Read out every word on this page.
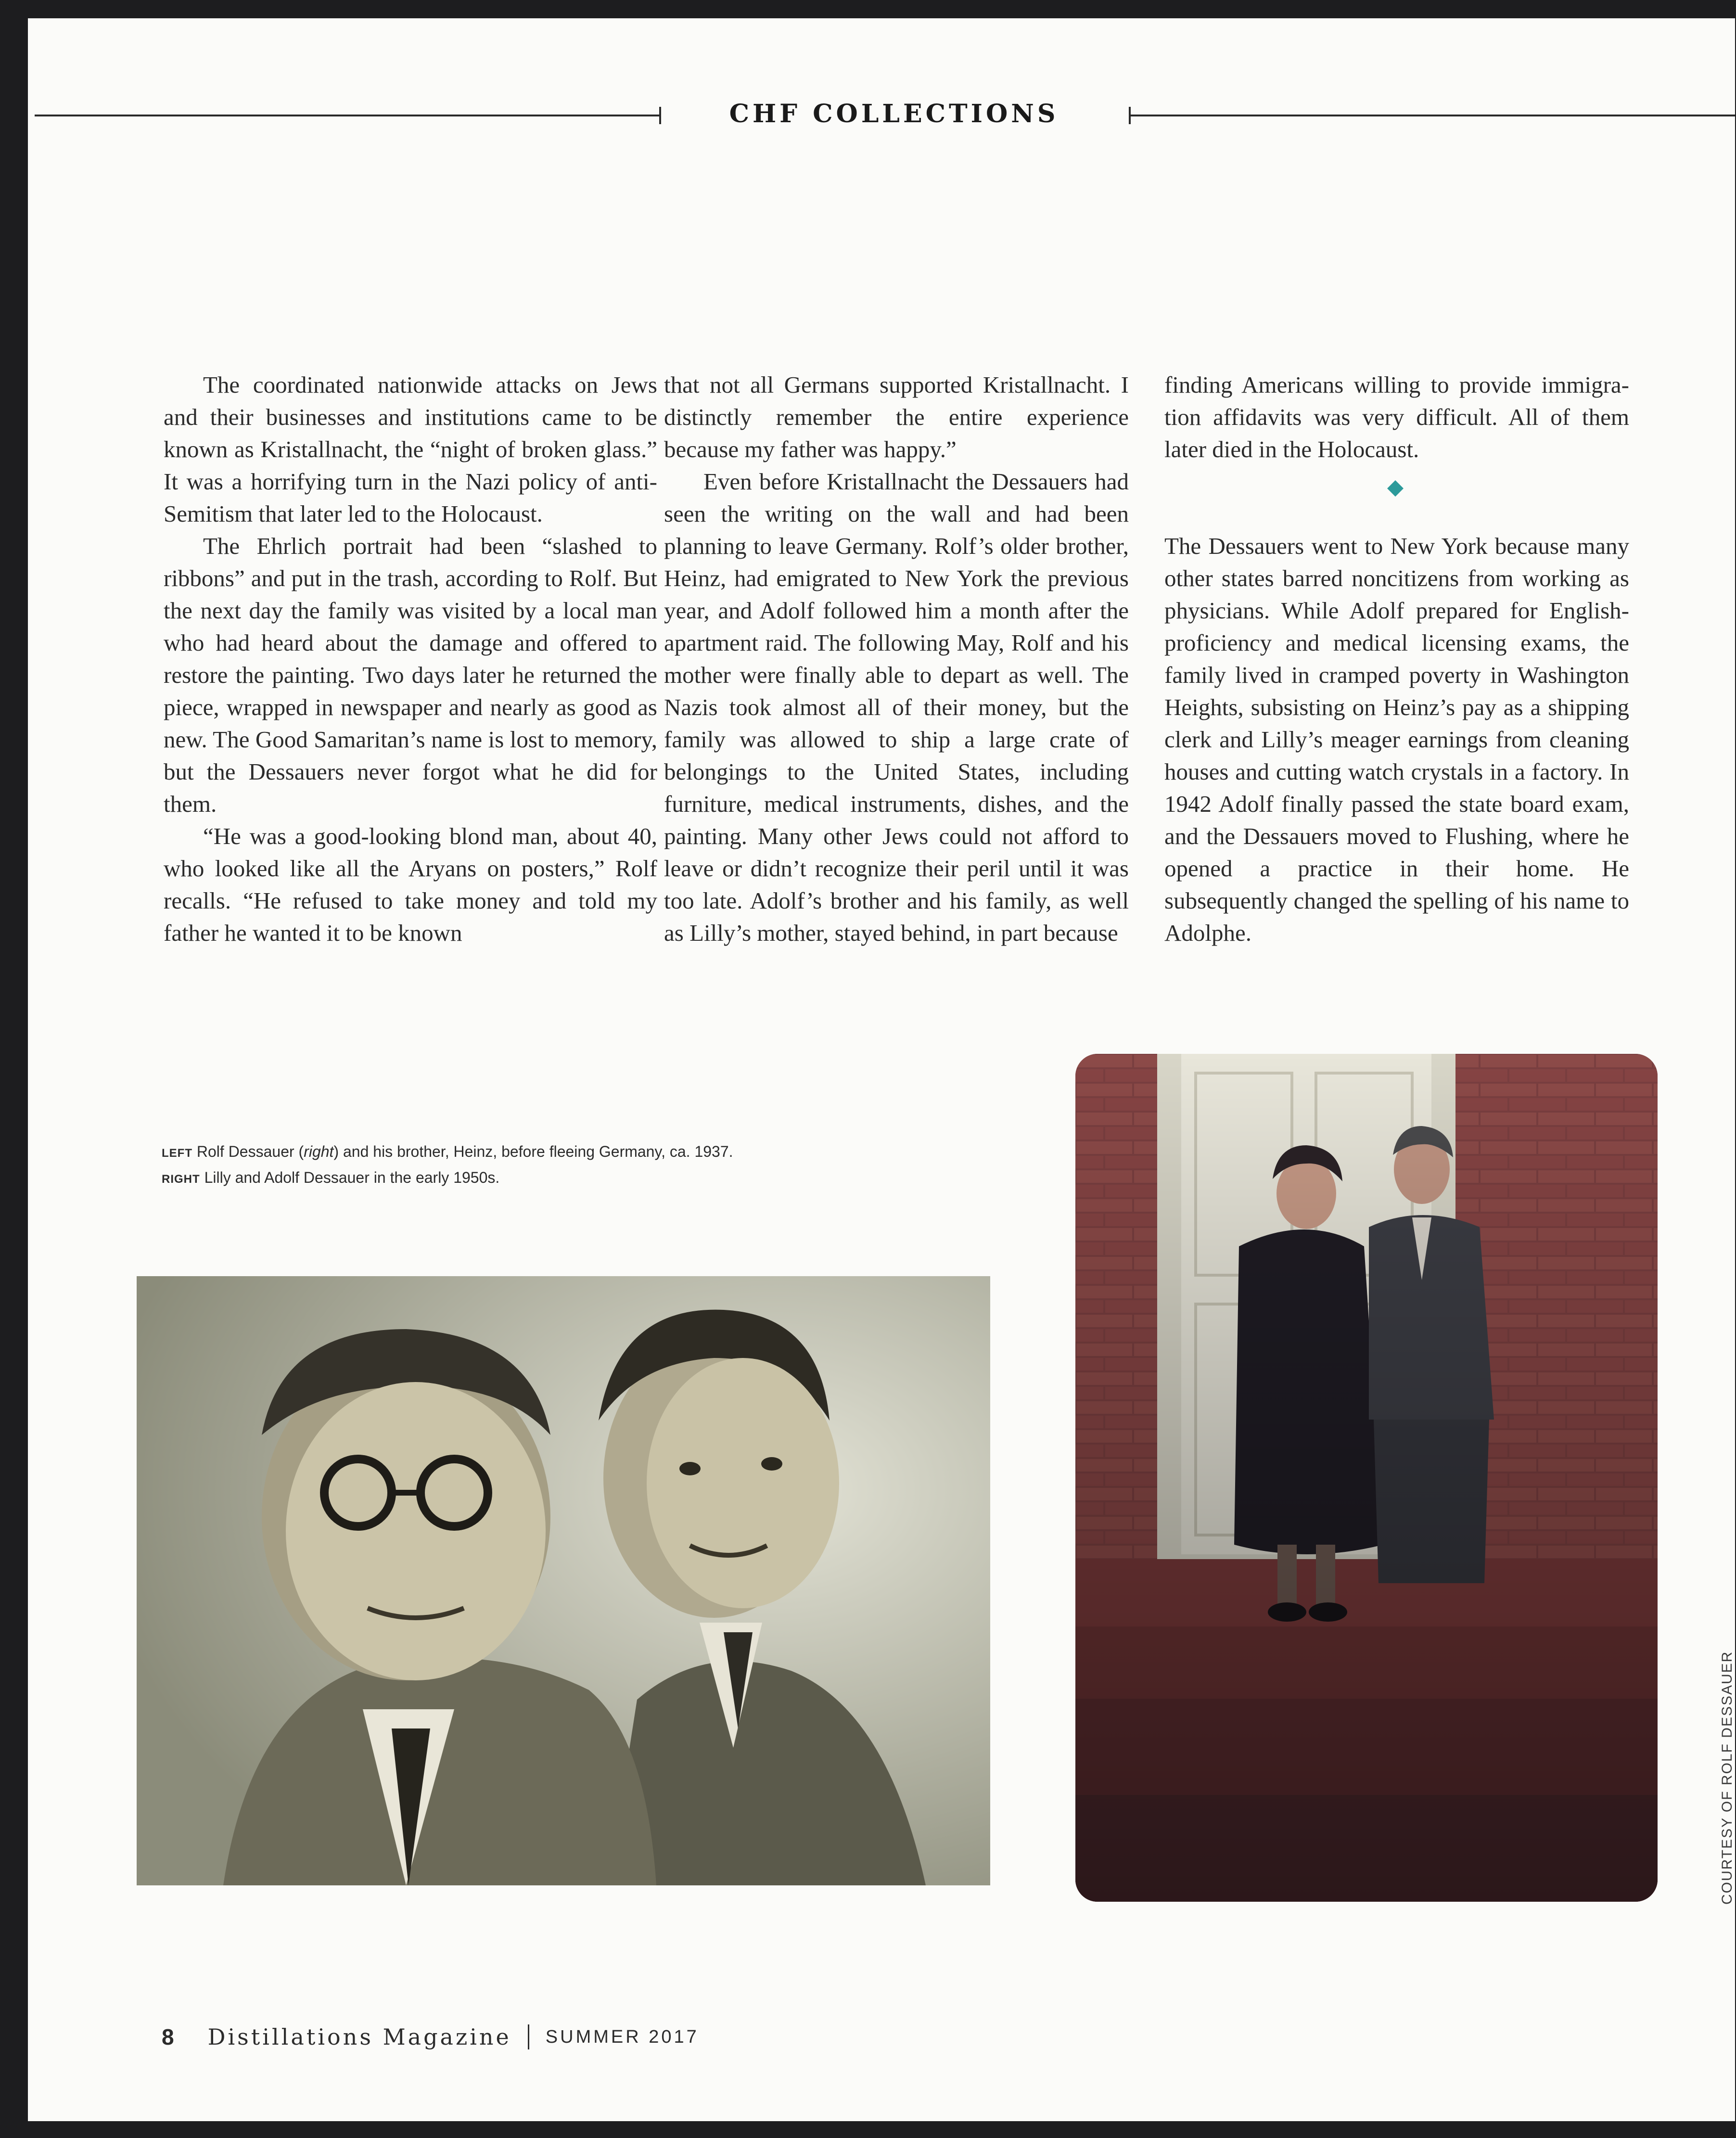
CHF COLLECTIONS

The coordinated nationwide attacks on Jews and their businesses and institutions came to be known as Kristallnacht, the “night of broken glass.” It was a horrifying turn in the Nazi policy of anti-Semitism that later led to the Holocaust.

The Ehrlich portrait had been “slashed to ribbons” and put in the trash, according to Rolf. But the next day the family was visited by a local man who had heard about the damage and offered to restore the painting. Two days later he returned the piece, wrapped in newspaper and nearly as good as new. The Good Samaritan’s name is lost to memory, but the Dessauers never forgot what he did for them.

“He was a good-looking blond man, about 40, who looked like all the Aryans on posters,” Rolf recalls. “He refused to take money and told my father he wanted it to be known

that not all Germans supported Kristallnacht. I distinctly remember the entire experience because my father was happy.”

Even before Kristallnacht the Dessauers had seen the writing on the wall and had been planning to leave Germany. Rolf’s older brother, Heinz, had emigrated to New York the previous year, and Adolf followed him a month after the apartment raid. The following May, Rolf and his mother were finally able to depart as well. The Nazis took almost all of their money, but the family was allowed to ship a large crate of belongings to the United States, including furniture, medical instruments, dishes, and the painting. Many other Jews could not afford to leave or didn’t recognize their peril until it was too late. Adolf’s brother and his family, as well as Lilly’s mother, stayed behind, in part because

finding Americans willing to provide immigration affidavits was very difficult. All of them later died in the Holocaust.

The Dessauers went to New York because many other states barred noncitizens from working as physicians. While Adolf prepared for English-proficiency and medical licensing exams, the family lived in cramped poverty in Washington Heights, subsisting on Heinz’s pay as a shipping clerk and Lilly’s meager earnings from cleaning houses and cutting watch crystals in a factory. In 1942 Adolf finally passed the state board exam, and the Dessauers moved to Flushing, where he opened a practice in their home. He subsequently changed the spelling of his name to Adolphe.

LEFT Rolf Dessauer (right) and his brother, Heinz, before fleeing Germany, ca. 1937.
RIGHT Lilly and Adolf Dessauer in the early 1950s.
COURTESY OF ROLF DESSAUER
8 Distillations Magazine SUMMER 2017
